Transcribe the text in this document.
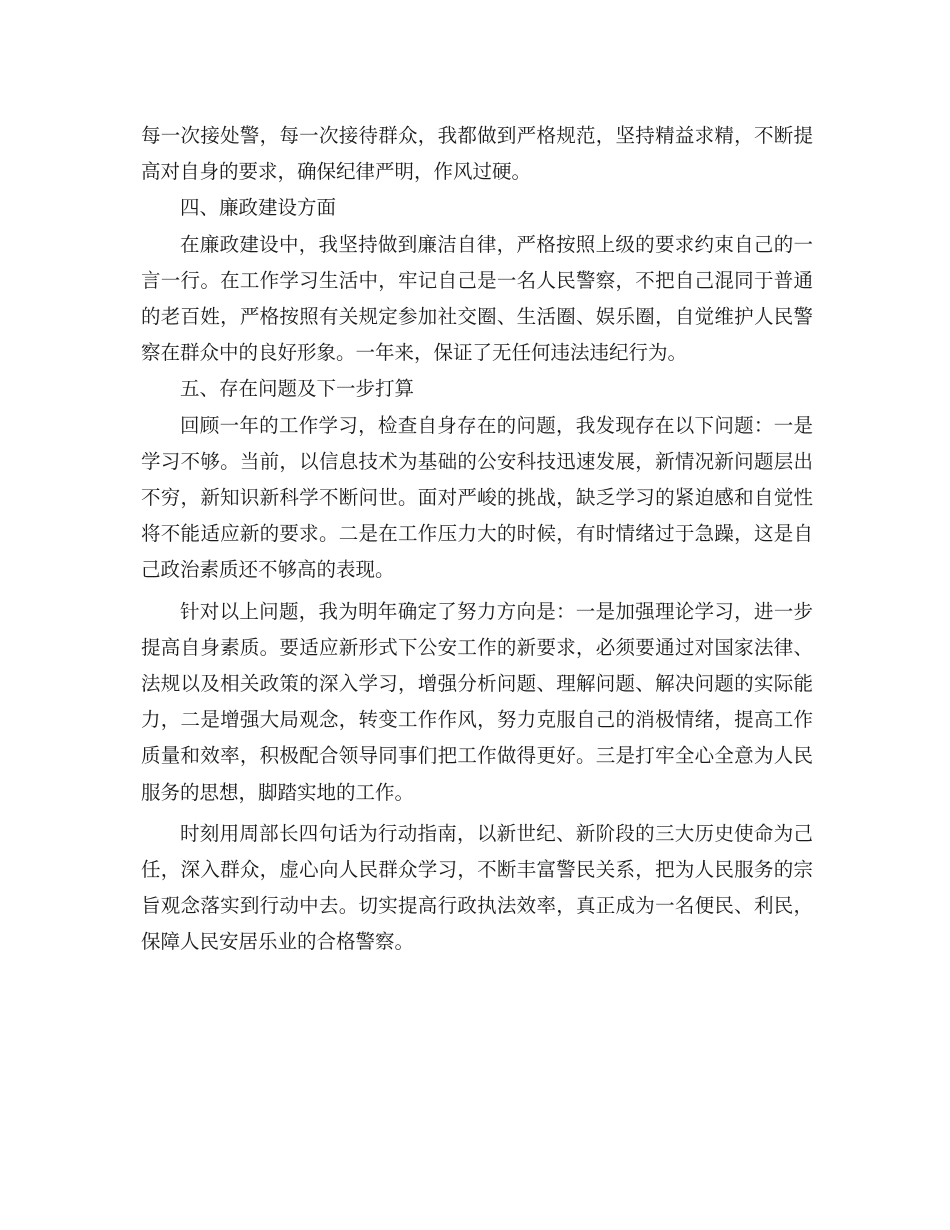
每一次接处警，每一次接待群众，我都做到严格规范，坚持精益求精，不断提高对自身的要求，确保纪律严明，作风过硬。

四、廉政建设方面

在廉政建设中，我坚持做到廉洁自律，严格按照上级的要求约束自己的一言一行。在工作学习生活中，牢记自己是一名人民警察，不把自己混同于普通的老百姓，严格按照有关规定参加社交圈、生活圈、娱乐圈，自觉维护人民警察在群众中的良好形象。一年来，保证了无任何违法违纪行为。

五、存在问题及下一步打算

回顾一年的工作学习，检查自身存在的问题，我发现存在以下问题：一是学习不够。当前，以信息技术为基础的公安科技迅速发展，新情况新问题层出不穷，新知识新科学不断问世。面对严峻的挑战，缺乏学习的紧迫感和自觉性将不能适应新的要求。二是在工作压力大的时候，有时情绪过于急躁，这是自己政治素质还不够高的表现。

针对以上问题，我为明年确定了努力方向是：一是加强理论学习，进一步提高自身素质。要适应新形式下公安工作的新要求，必须要通过对国家法律、法规以及相关政策的深入学习，增强分析问题、理解问题、解决问题的实际能力，二是增强大局观念，转变工作作风，努力克服自己的消极情绪，提高工作质量和效率，积极配合领导同事们把工作做得更好。三是打牢全心全意为人民服务的思想，脚踏实地的工作。

时刻用周部长四句话为行动指南，以新世纪、新阶段的三大历史使命为己任，深入群众，虚心向人民群众学习，不断丰富警民关系，把为人民服务的宗旨观念落实到行动中去。切实提高行政执法效率，真正成为一名便民、利民，保障人民安居乐业的合格警察。
